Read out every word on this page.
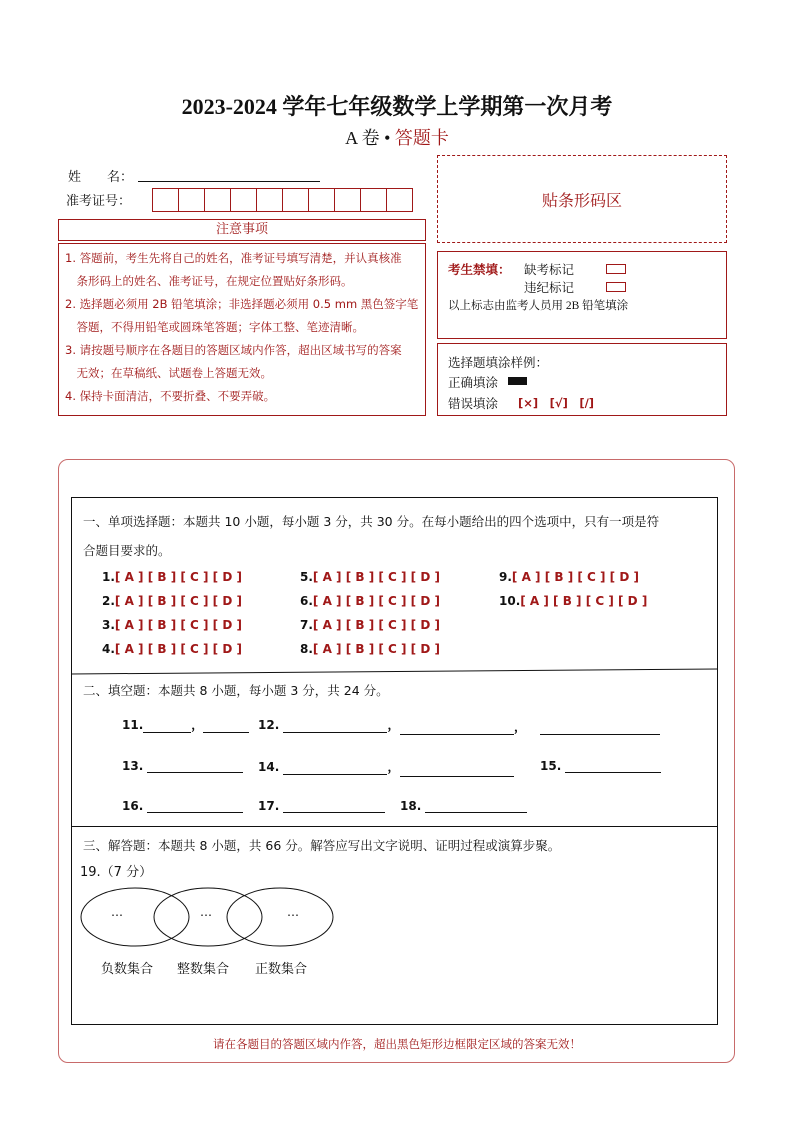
2023-2024 学年七年级数学上学期第一次月考
A 卷 • 答题卡
姓　　名：
准考证号：	贴条形码区
注意事项

1. 答题前，考生先将自己的姓名，准考证号填写清楚，并认真核准

　条形码上的姓名、准考证号，在规定位置贴好条形码。

2. 选择题必须用 2B 铅笔填涂；非选择题必须用 0.5 mm 黑色签字笔

　答题，不得用铅笔或圆珠笔答题；字体工整、笔迹清晰。

3. 请按题号顺序在各题目的答题区域内作答，超出区域书写的答案

　无效；在草稿纸、试题卷上答题无效。

4. 保持卡面清洁，不要折叠、不要弄破。

考生禁填： 缺考标记
违纪标记
以上标志由监考人员用 2B 铅笔填涂
选择题填涂样例：
正确填涂
错误填涂 [×]　[√]　[/]
一、单项选择题：本题共 10 小题，每小题 3 分，共 30 分。在每小题给出的四个选项中，只有一项是符
合题目要求的。
1.[ A ] [ B ] [ C ] [ D ]
2.[ A ] [ B ] [ C ] [ D ]
3.[ A ] [ B ] [ C ] [ D ]
4.[ A ] [ B ] [ C ] [ D ]
5.[ A ] [ B ] [ C ] [ D ]
6.[ A ] [ B ] [ C ] [ D ]
7.[ A ] [ B ] [ C ] [ D ]
8.[ A ] [ B ] [ C ] [ D ]
9.[ A ] [ B ] [ C ] [ D ]
10.[ A ] [ B ] [ C ] [ D ]
二、填空题：本题共 8 小题，每小题 3 分，共 24 分。
11.	，	12.	，	，
13.	14.	，	15.
16.	17.	18.
三、解答题：本题共 8 小题，共 66 分。解答应写出文字说明、证明过程或演算步聚。
19.（7 分）
…	…	…
负数集合 整数集合 正数集合
请在各题目的答题区域内作答，超出黑色矩形边框限定区域的答案无效！
